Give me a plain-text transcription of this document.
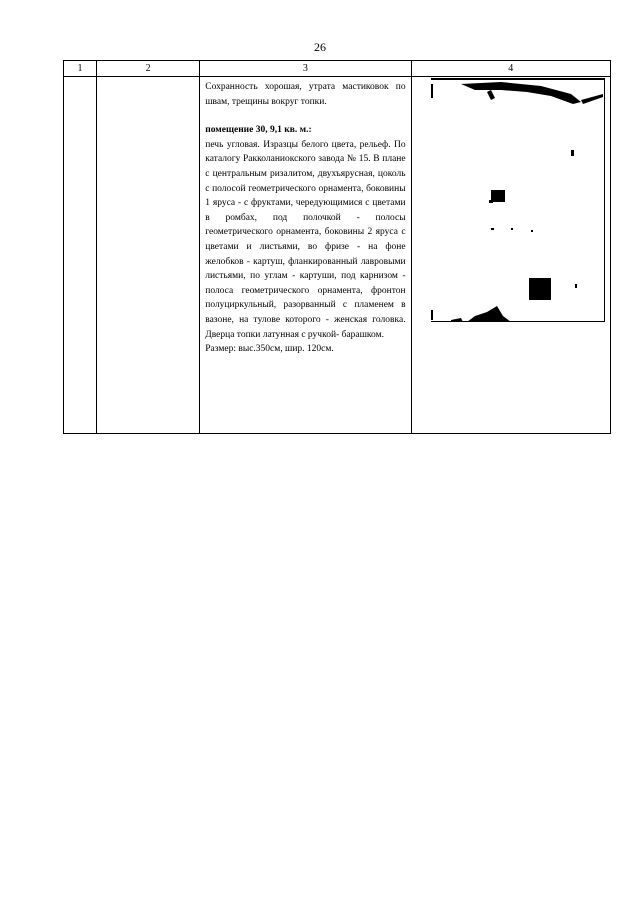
26
1	2	3	4

		Сохранность хорошая, утрата мастиковок по швам, трещины вокруг топки.

помещение 30, 9,1 кв. м.:

печь угловая. Изразцы белого цвета, рельеф. По каталогу Ракколаниокского завода № 15. В плане с центральным ризалитом, двухъярусная, цоколь с полосой геометрического орнамента, боковины 1 яруса - с фруктами, чередующимися с цветами в ромбах, под полочкой - полосы геометрического орнамента, боковины 2 яруса с цветами и листьями, во фризе - на фоне желобков - картуш, фланкированный лавровыми листьями, по углам - картуши, под карнизом - полоса геометрического орнамента, фронтон полуциркульный, разорванный с пламенем в вазоне, на тулове которого - женская головка. Дверца топки латунная с ручкой- барашком.

Размер: выс.350см, шир. 120см.
